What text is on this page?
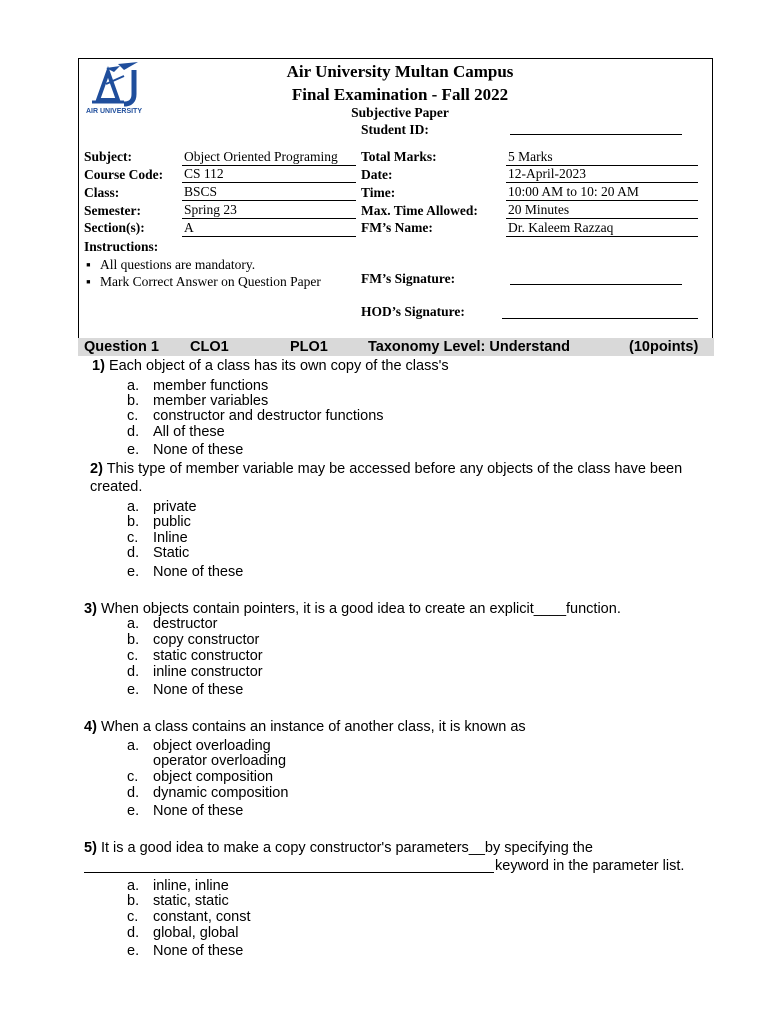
AIR UNIVERSITY
Air University Multan Campus
Final Examination - Fall 2022
Subjective Paper
Student ID:
Subject:	Object Oriented Programing
Course Code: CS 112
Class:	BSCS
Semester:	Spring 23
Section(s):	A
Total Marks:	5 Marks
Date:	12-April-2023
Time:	10:00 AM to 10: 20 AM
Max. Time Allowed: 20 Minutes
FM’s Name:	Dr. Kaleem Razzaq
Instructions:
▪ All questions are mandatory.
▪ Mark Correct Answer on Question Paper	FM’s Signature:
HOD’s Signature:
Question 1 CLO1	PLO1	Taxonomy Level: Understand	(10points)
1) Each object of a class has its own copy of the class's
a. member functions
b. member variables
c. constructor and destructor functions
d. All of these
e. None of these
2) This type of member variable may be accessed before any objects of the class have been
created.
a. private
b. public
c. Inline
d. Static
e. None of these
3) When objects contain pointers, it is a good idea to create an explicit____function.
a. destructor
b. copy constructor
c. static constructor
d. inline constructor
e. None of these
4) When a class contains an instance of another class, it is known as
a. object overloading
operator overloading
c. object composition
d. dynamic composition
e. None of these
5) It is a good idea to make a copy constructor's parameters__by specifying the
keyword in the parameter list.
a. inline, inline
b. static, static
c. constant, const
d. global, global
e. None of these
